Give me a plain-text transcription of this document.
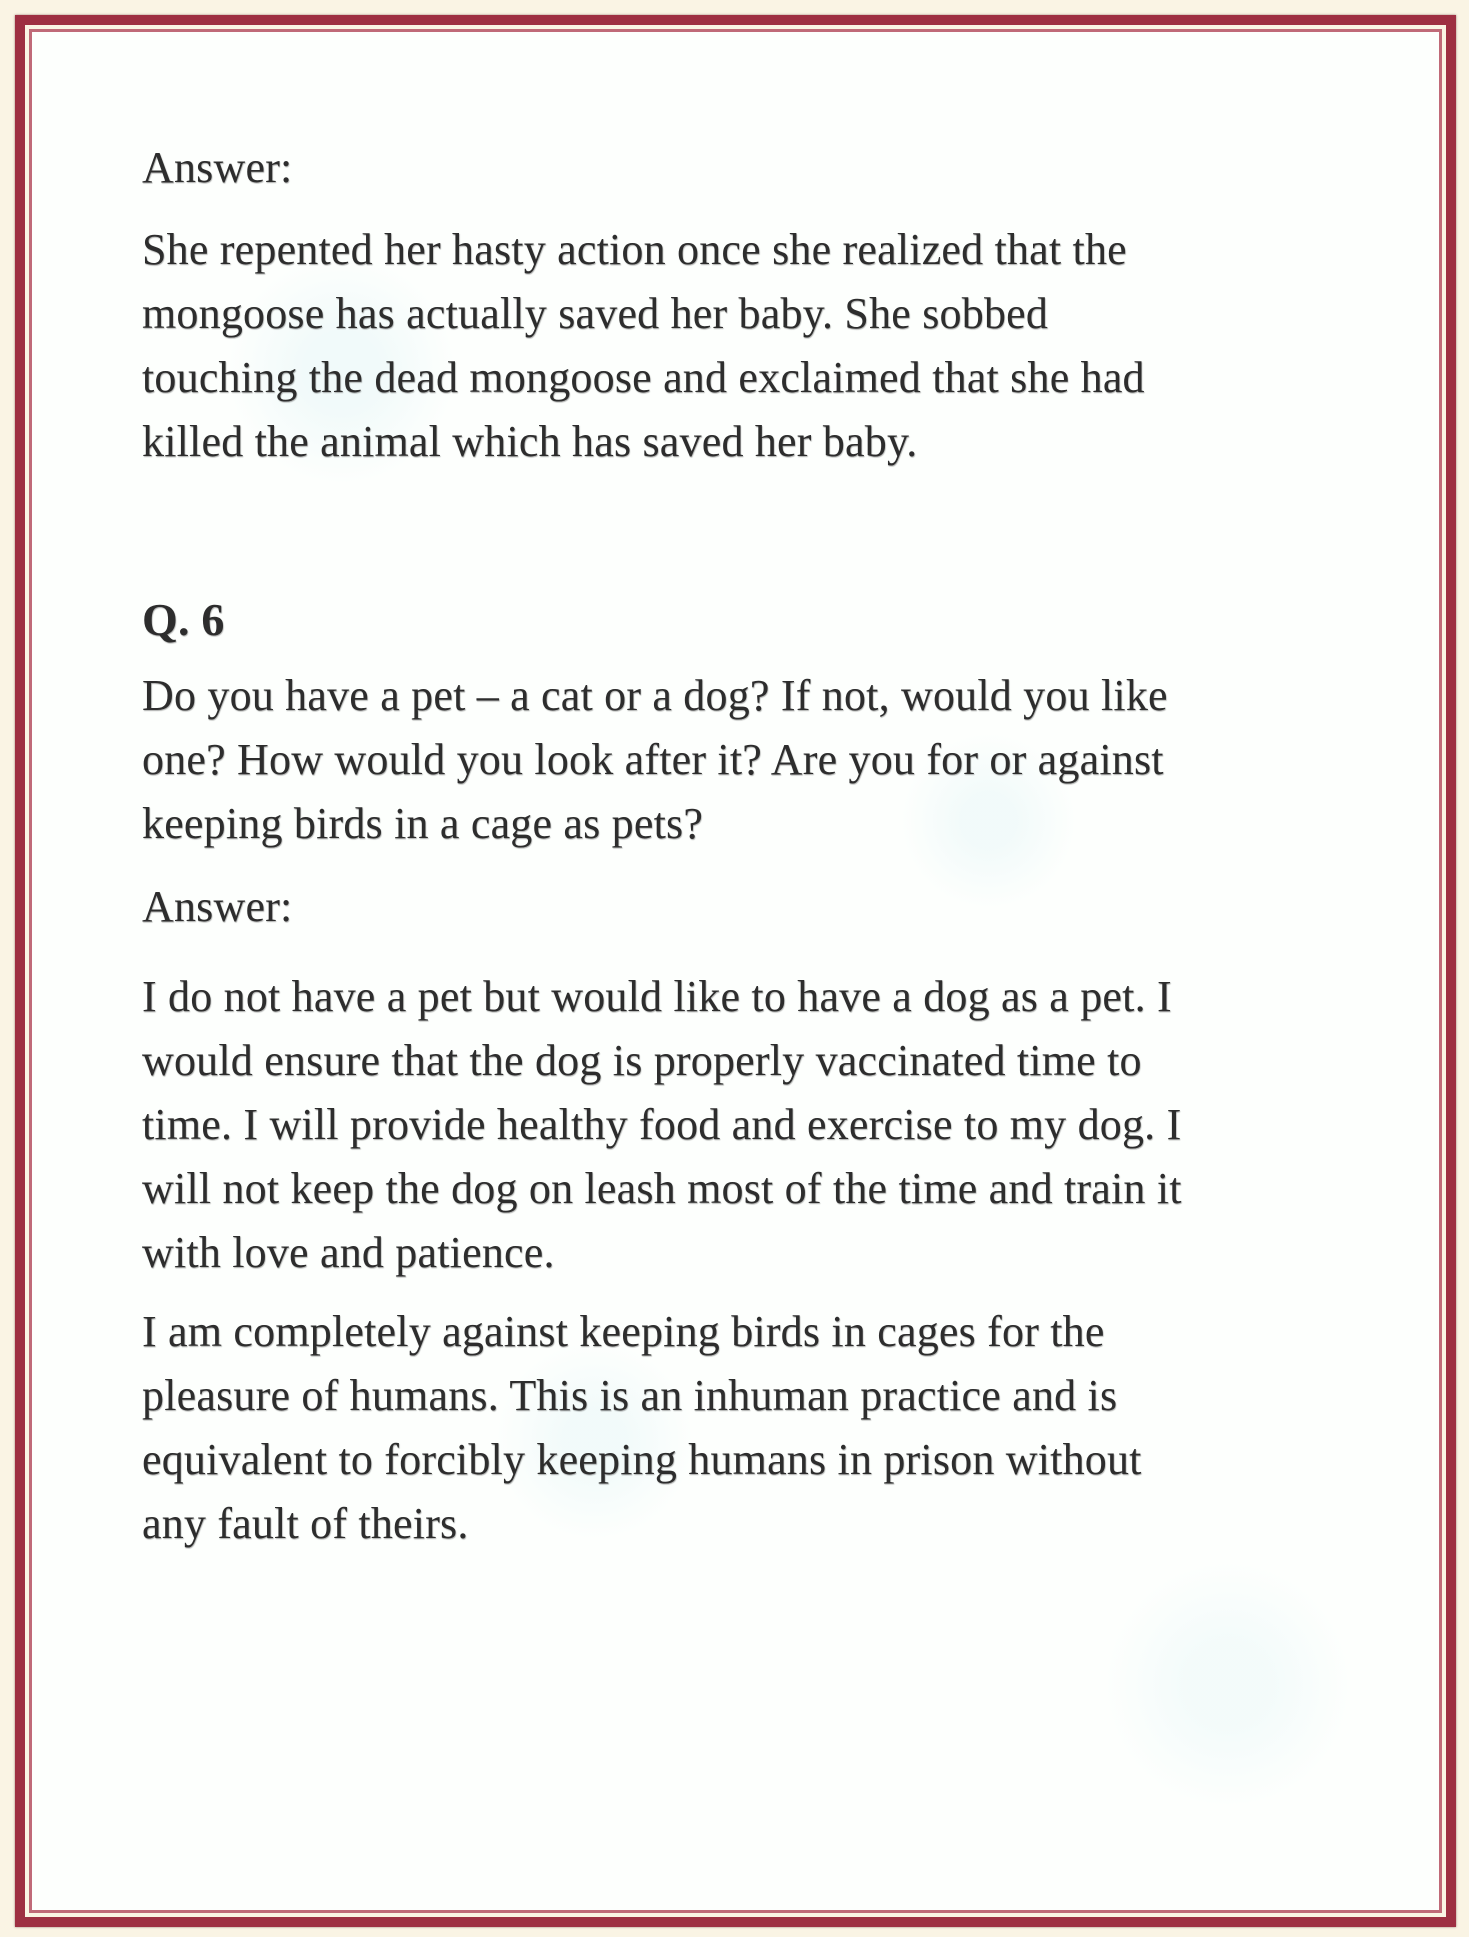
Answer:
She repented her hasty action once she realized that the
mongoose has actually saved her baby. She sobbed
touching the dead mongoose and exclaimed that she had
killed the animal which has saved her baby.
Q. 6
Do you have a pet – a cat or a dog? If not, would you like
one? How would you look after it? Are you for or against
keeping birds in a cage as pets?
Answer:
I do not have a pet but would like to have a dog as a pet. I
would ensure that the dog is properly vaccinated time to
time. I will provide healthy food and exercise to my dog. I
will not keep the dog on leash most of the time and train it
with love and patience.
I am completely against keeping birds in cages for the
pleasure of humans. This is an inhuman practice and is
equivalent to forcibly keeping humans in prison without
any fault of theirs.
